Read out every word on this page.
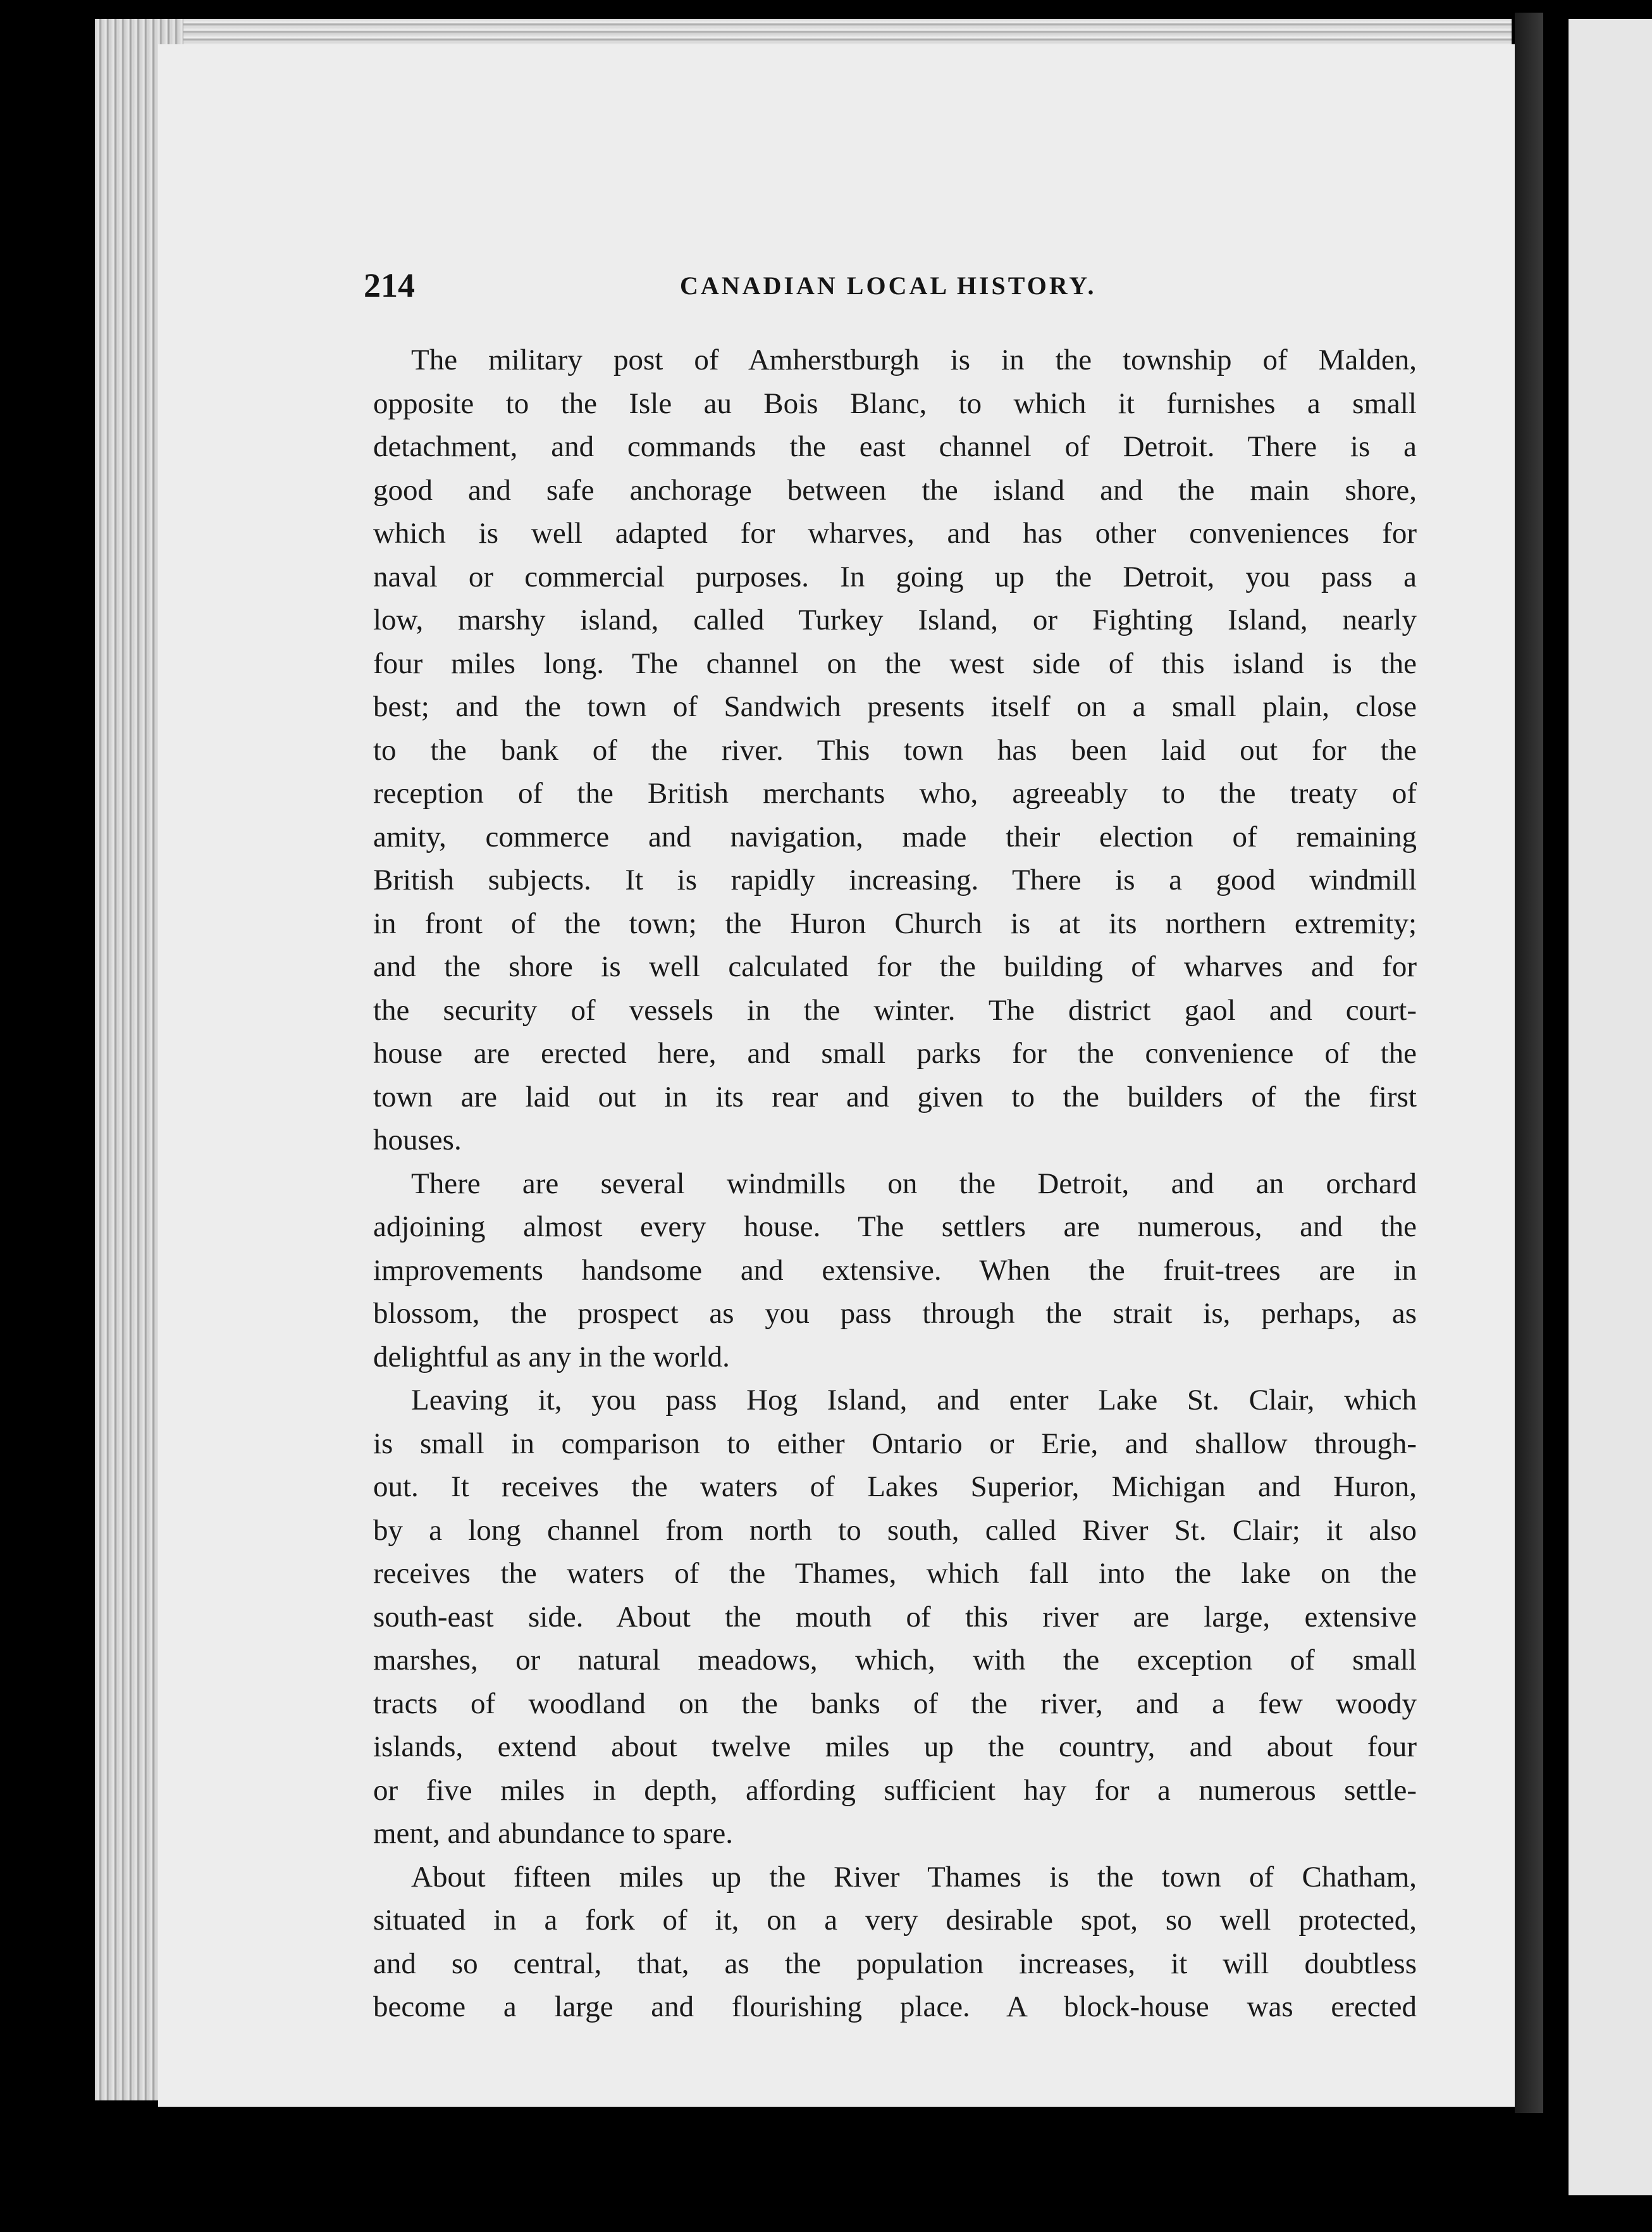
214	CANADIAN LOCAL HISTORY.
The military post of Amherstburgh is in the township of Malden,
opposite to the Isle au Bois Blanc, to which it furnishes a small
detachment, and commands the east channel of Detroit. There is a
good and safe anchorage between the island and the main shore,
which is well adapted for wharves, and has other conveniences for
naval or commercial purposes. In going up the Detroit, you pass a
low, marshy island, called Turkey Island, or Fighting Island, nearly
four miles long. The channel on the west side of this island is the
best; and the town of Sandwich presents itself on a small plain, close
to the bank of the river. This town has been laid out for the
reception of the British merchants who, agreeably to the treaty of
amity, commerce and navigation, made their election of remaining
British subjects. It is rapidly increasing. There is a good windmill
in front of the town; the Huron Church is at its northern extremity;
and the shore is well calculated for the building of wharves and for
the security of vessels in the winter. The district gaol and court-
house are erected here, and small parks for the convenience of the
town are laid out in its rear and given to the builders of the first
houses.
There are several windmills on the Detroit, and an orchard
adjoining almost every house. The settlers are numerous, and the
improvements handsome and extensive. When the fruit-trees are in
blossom, the prospect as you pass through the strait is, perhaps, as
delightful as any in the world.
Leaving it, you pass Hog Island, and enter Lake St. Clair, which
is small in comparison to either Ontario or Erie, and shallow through-
out. It receives the waters of Lakes Superior, Michigan and Huron,
by a long channel from north to south, called River St. Clair; it also
receives the waters of the Thames, which fall into the lake on the
south-east side. About the mouth of this river are large, extensive
marshes, or natural meadows, which, with the exception of small
tracts of woodland on the banks of the river, and a few woody
islands, extend about twelve miles up the country, and about four
or five miles in depth, affording sufficient hay for a numerous settle-
ment, and abundance to spare.
About fifteen miles up the River Thames is the town of Chatham,
situated in a fork of it, on a very desirable spot, so well protected,
and so central, that, as the population increases, it will doubtless
become a large and flourishing place. A block-house was erected
